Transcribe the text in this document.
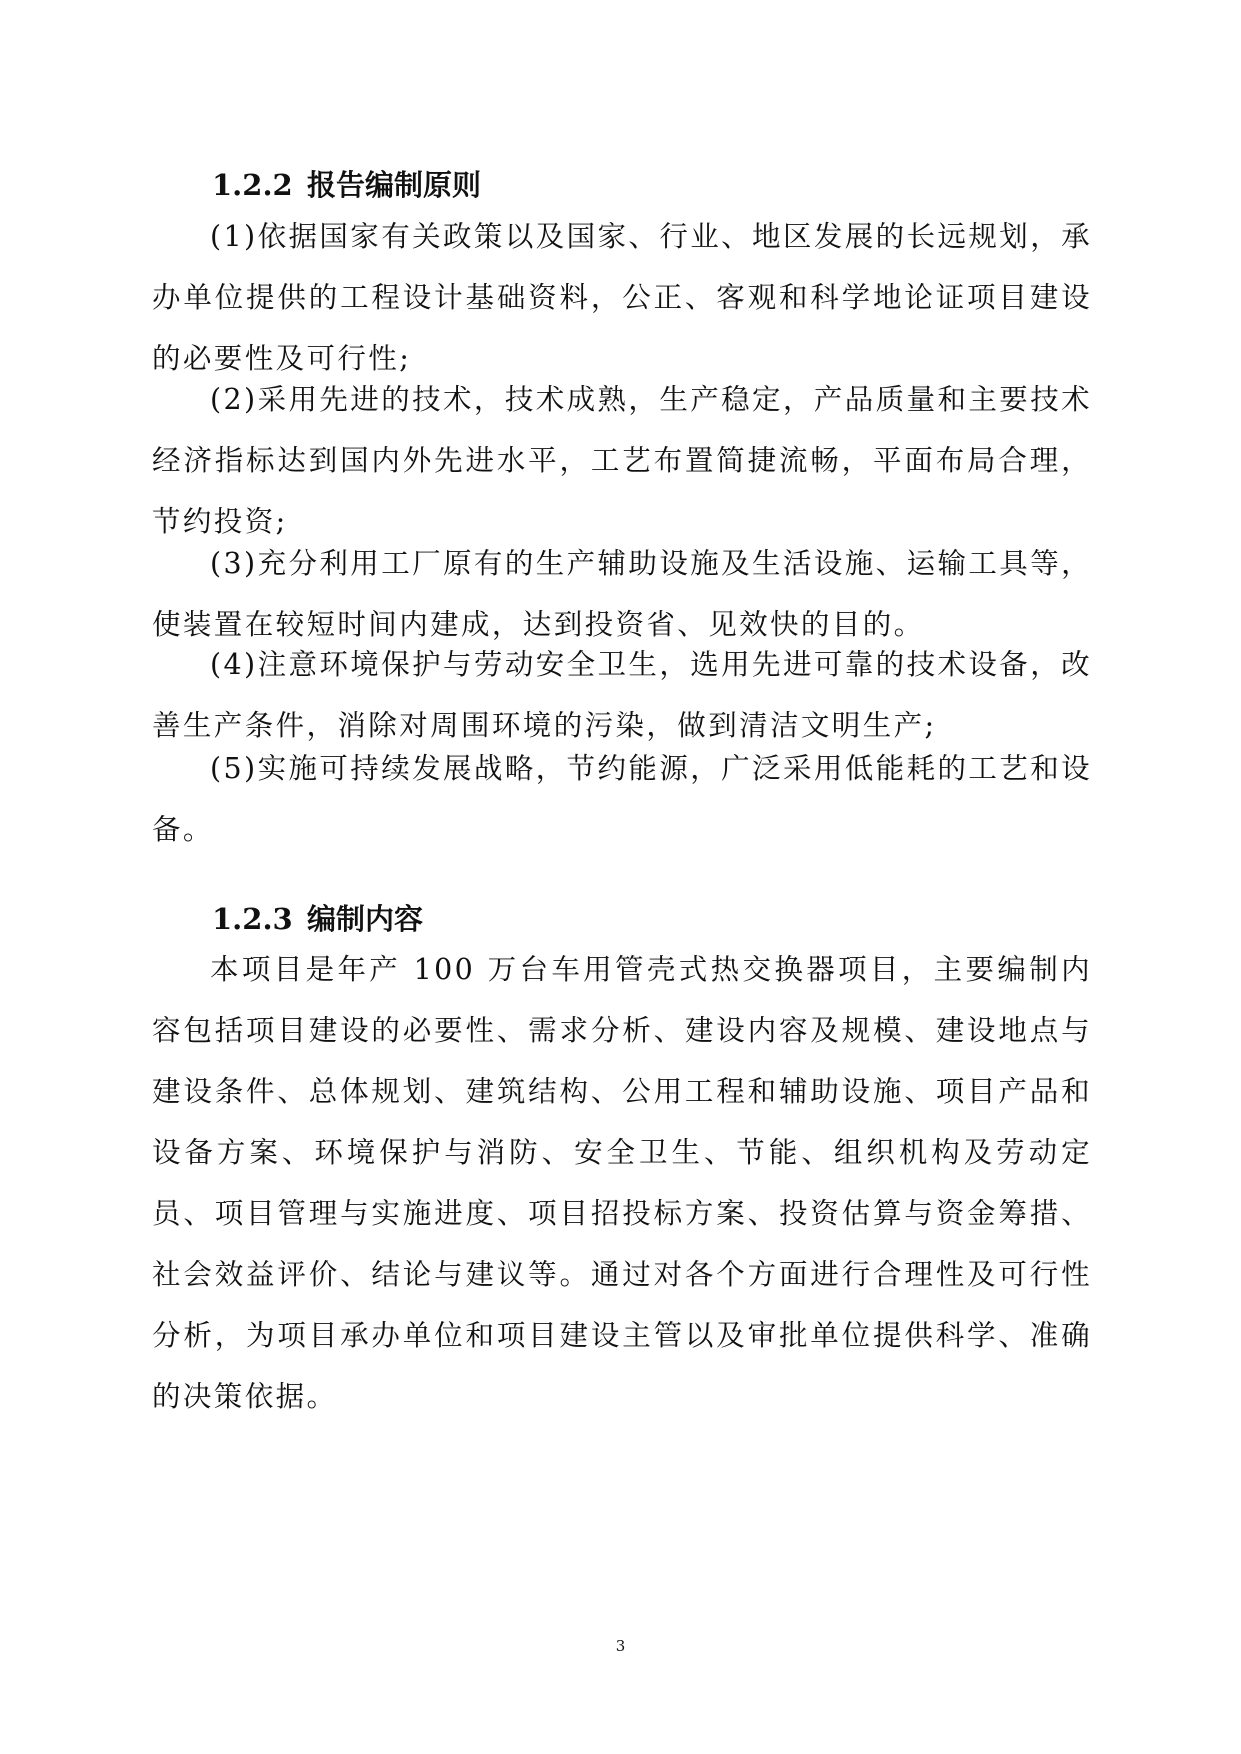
1.2.2 报告编制原则

(1)依据国家有关政策以及国家、行业、地区发展的长远规划，承办单位提供的工程设计基础资料，公正、客观和科学地论证项目建设的必要性及可行性;

(2)采用先进的技术，技术成熟，生产稳定，产品质量和主要技术经济指标达到国内外先进水平，工艺布置简捷流畅，平面布局合理，节约投资;

(3)充分利用工厂原有的生产辅助设施及生活设施、运输工具等，使装置在较短时间内建成，达到投资省、见效快的目的。

(4)注意环境保护与劳动安全卫生，选用先进可靠的技术设备，改善生产条件，消除对周围环境的污染，做到清洁文明生产;

(5)实施可持续发展战略，节约能源，广泛采用低能耗的工艺和设备。

1.2.3 编制内容

本项目是年产 100 万台车用管壳式热交换器项目，主要编制内容包括项目建设的必要性、需求分析、建设内容及规模、建设地点与建设条件、总体规划、建筑结构、公用工程和辅助设施、项目产品和设备方案、环境保护与消防、安全卫生、节能、组织机构及劳动定员、项目管理与实施进度、项目招投标方案、投资估算与资金筹措、社会效益评价、结论与建议等。通过对各个方面进行合理性及可行性分析，为项目承办单位和项目建设主管以及审批单位提供科学、准确的决策依据。

3
